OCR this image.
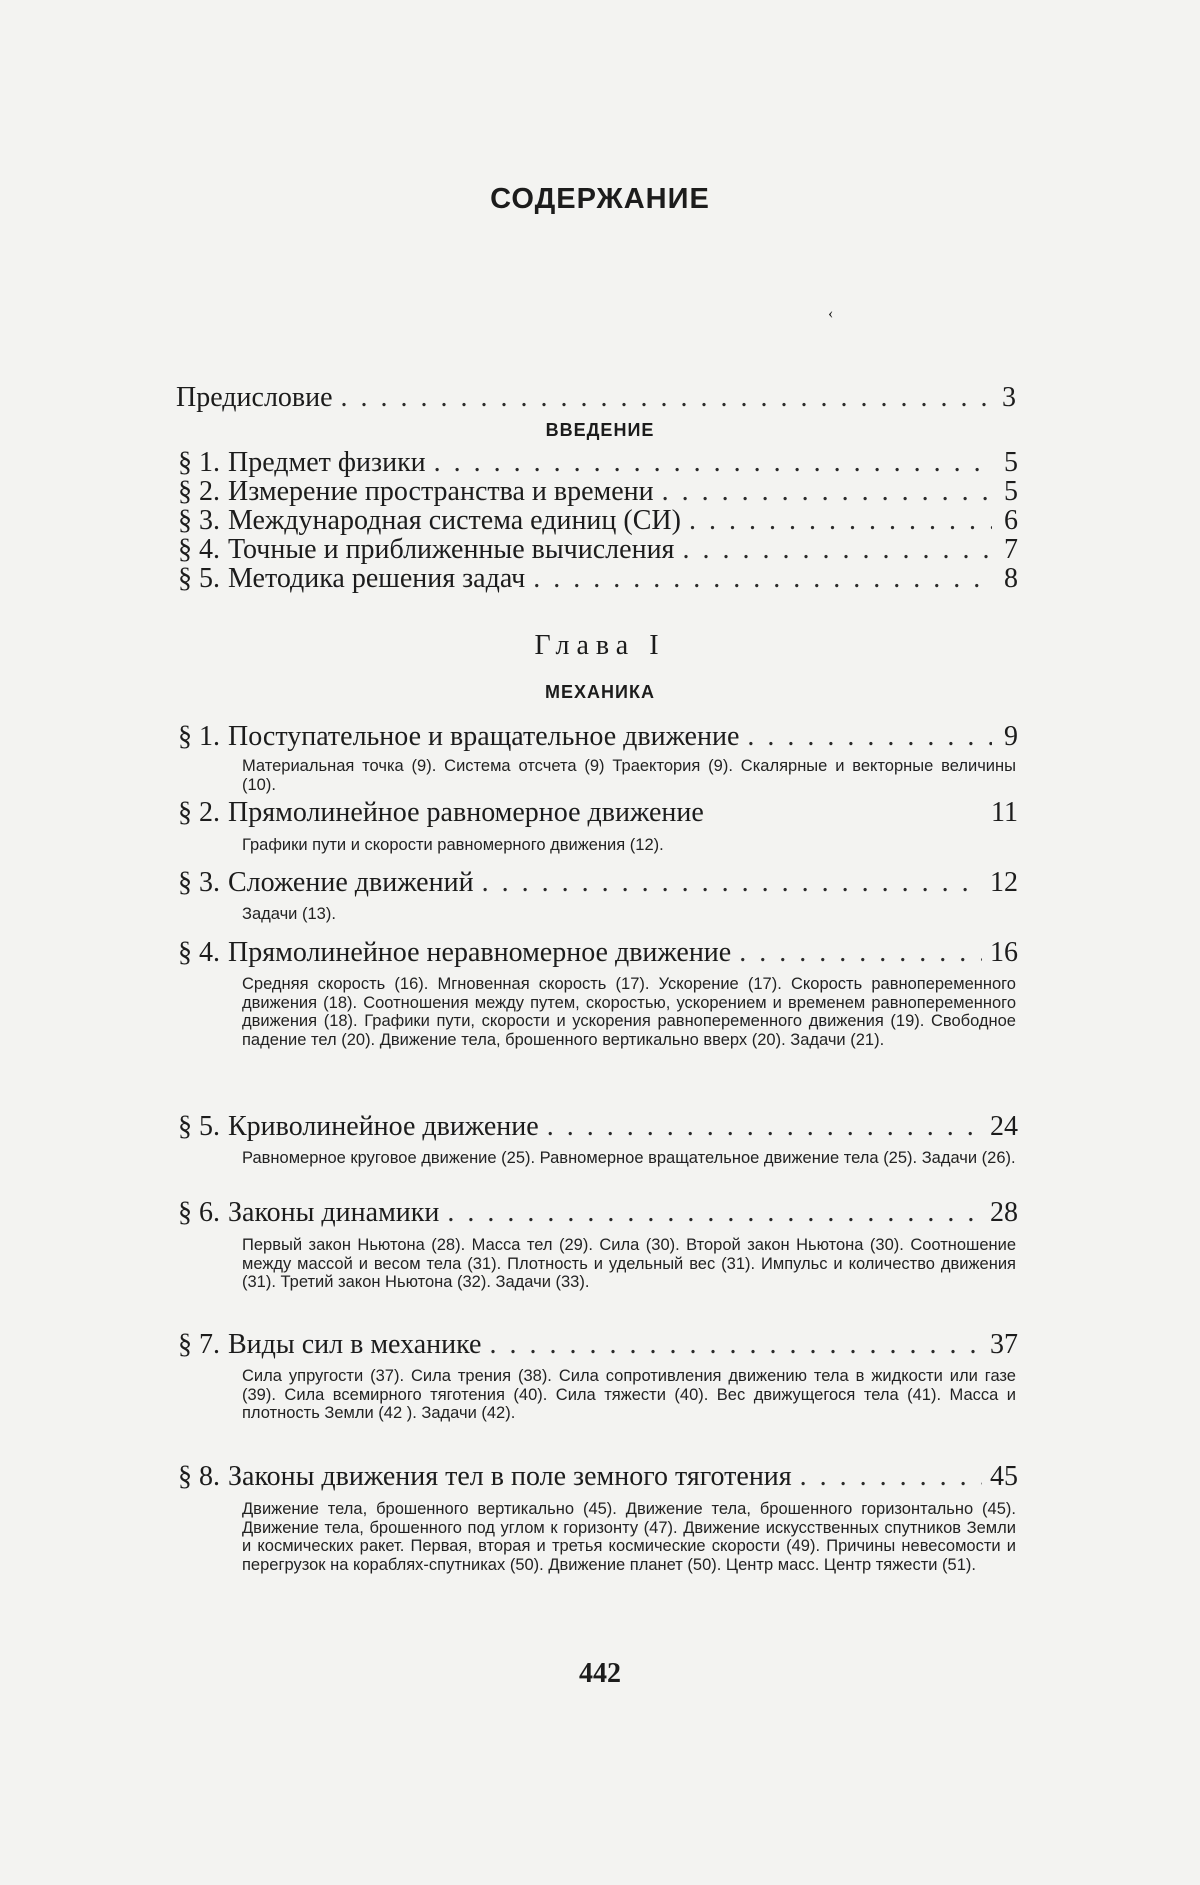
СОДЕРЖАНИЕ
‹
Предисловие . . .	3
ВВЕДЕНИЕ
§ 1. Предмет физики . . .	5
§ 2. Измерение пространства и времени . . .	5
§ 3. Международная система единиц (СИ) . . .	6
§ 4. Точные и приближенные вычисления . . .	7
§ 5. Методика решения задач . . .	8
Глава I
МЕХАНИКА
§ 1. Поступательное и вращательное движение . . .	9
Материальная точка (9). Система отсчета (9) Траектория (9). Скалярные и векторные величины (10).
§ 2. Прямолинейное равномерное движение	11
Графики пути и скорости равномерного движения (12).
§ 3. Сложение движений . . .	12
Задачи (13).
§ 4. Прямолинейное неравномерное движение . . .	16
Средняя скорость (16). Мгновенная скорость (17). Ускорение (17). Скорость равнопеременного движения (18). Соотношения между путем, скоростью, ускорением и временем равнопеременного движения (18). Графики пути, скорости и ускорения равнопеременного движения (19). Свободное падение тел (20). Движение тела, брошенного вертикально вверх (20). Задачи (21).
§ 5. Криволинейное движение . . .	24
Равномерное круговое движение (25). Равномерное вращательное движение тела (25). Задачи (26).
§ 6. Законы динамики . . .	28
Первый закон Ньютона (28). Масса тел (29). Сила (30). Второй закон Ньютона (30). Соотношение между массой и весом тела (31). Плотность и удельный вес (31). Импульс и количество движения (31). Третий закон Ньютона (32). Задачи (33).
§ 7. Виды сил в механике . . .	37
Сила упругости (37). Сила трения (38). Сила сопротивления движению тела в жидкости или газе (39). Сила всемирного тяготения (40). Сила тяжести (40). Вес движущегося тела (41). Масса и плотность Земли (42 ). Задачи (42).
§ 8. Законы движения тел в поле земного тяготения . . .	45
Движение тела, брошенного вертикально (45). Движение тела, брошенного горизонтально (45). Движение тела, брошенного под углом к горизонту (47). Движение искусственных спутников Земли и космических ракет. Первая, вторая и третья космические скорости (49). Причины невесомости и перегрузок на кораблях-спутниках (50). Движение планет (50). Центр масс. Центр тяжести (51).
442
